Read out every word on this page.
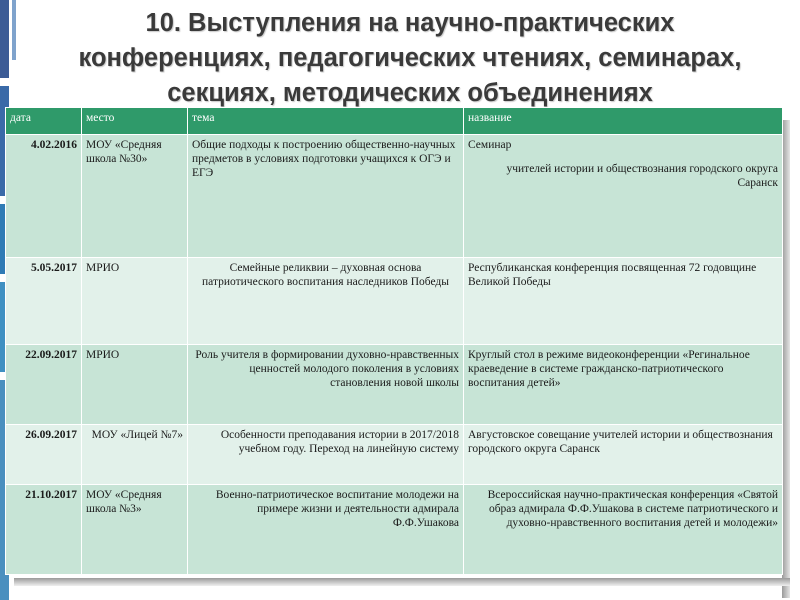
10. Выступления на научно-практических
конференциях, педагогических чтениях, семинарах,
секциях, методических объединениях
дата	место	тема	название
4.02.2016	МОУ «Средняя школа №30»	Общие подходы к построению общественно-научных предметов в условиях подготовки учащихся к ОГЭ и ЕГЭ	Семинар
учителей истории и обществознания городского округа Саранск

5.05.2017	МРИО	Семейные реликвии – духовная основа патриотического воспитания наследников Победы	Республиканская конференция посвященная 72 годовщине Великой Победы
22.09.2017	МРИО	Роль учителя в формировании духовно-нравственных ценностей молодого поколения в условиях становления новой школы	Круглый стол в режиме видеоконференции «Регинальное краеведение в системе гражданско-патриотического воспитания детей»
26.09.2017	МОУ «Лицей №7»	Особенности преподавания истории в 2017/2018 учебном году. Переход на линейную систему	Августовское совещание учителей истории и обществознания городского округа Саранск
21.10.2017	МОУ «Средняя школа №3»	Военно-патриотическое воспитание молодежи на примере жизни и деятельности адмирала Ф.Ф.Ушакова	Всероссийская научно-практическая конференция «Святой образ адмирала Ф.Ф.Ушакова в системе патриотического и духовно-нравственного воспитания детей и молодежи»
